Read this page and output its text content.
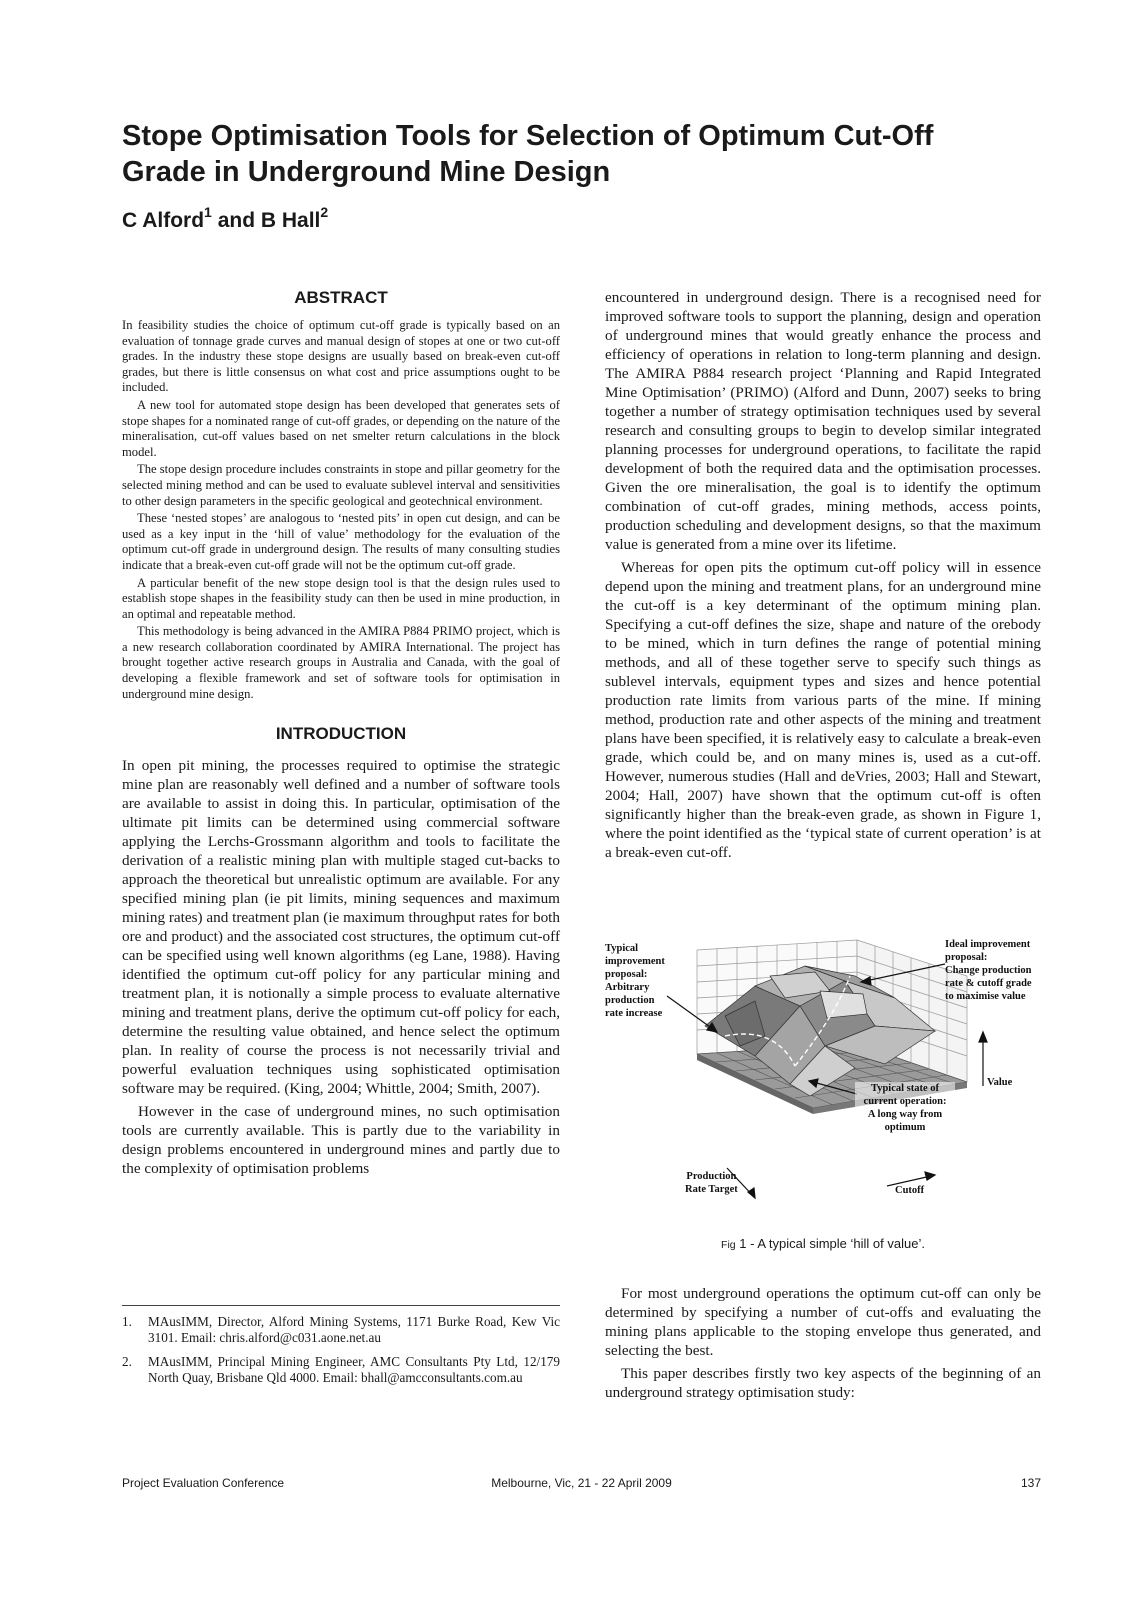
Stope Optimisation Tools for Selection of Optimum Cut-Off Grade in Underground Mine Design
C Alford$^1$ and B Hall$^2$
ABSTRACT

In feasibility studies the choice of optimum cut-off grade is typically based on an evaluation of tonnage grade curves and manual design of stopes at one or two cut-off grades. In the industry these stope designs are usually based on break-even cut-off grades, but there is little consensus on what cost and price assumptions ought to be included.

A new tool for automated stope design has been developed that generates sets of stope shapes for a nominated range of cut-off grades, or depending on the nature of the mineralisation, cut-off values based on net smelter return calculations in the block model.

The stope design procedure includes constraints in stope and pillar geometry for the selected mining method and can be used to evaluate sublevel interval and sensitivities to other design parameters in the specific geological and geotechnical environment.

These ‘nested stopes’ are analogous to ‘nested pits’ in open cut design, and can be used as a key input in the ‘hill of value’ methodology for the evaluation of the optimum cut-off grade in underground design. The results of many consulting studies indicate that a break-even cut-off grade will not be the optimum cut-off grade.

A particular benefit of the new stope design tool is that the design rules used to establish stope shapes in the feasibility study can then be used in mine production, in an optimal and repeatable method.

This methodology is being advanced in the AMIRA P884 PRIMO project, which is a new research collaboration coordinated by AMIRA International. The project has brought together active research groups in Australia and Canada, with the goal of developing a flexible framework and set of software tools for optimisation in underground mine design.

INTRODUCTION

In open pit mining, the processes required to optimise the strategic mine plan are reasonably well defined and a number of software tools are available to assist in doing this. In particular, optimisation of the ultimate pit limits can be determined using commercial software applying the Lerchs-Grossmann algorithm and tools to facilitate the derivation of a realistic mining plan with multiple staged cut-backs to approach the theoretical but unrealistic optimum are available. For any specified mining plan (ie pit limits, mining sequences and maximum mining rates) and treatment plan (ie maximum throughput rates for both ore and product) and the associated cost structures, the optimum cut-off can be specified using well known algorithms (eg Lane, 1988). Having identified the optimum cut-off policy for any particular mining and treatment plan, it is notionally a simple process to evaluate alternative mining and treatment plans, derive the optimum cut-off policy for each, determine the resulting value obtained, and hence select the optimum plan. In reality of course the process is not necessarily trivial and powerful evaluation techniques using sophisticated optimisation software may be required. (King, 2004; Whittle, 2004; Smith, 2007).

However in the case of underground mines, no such optimisation tools are currently available. This is partly due to the variability in design problems encountered in underground mines and partly due to the complexity of optimisation problems

1.	MAusIMM, Director, Alford Mining Systems, 1171 Burke Road, Kew Vic 3101. Email: chris.alford@c031.aone.net.au
2.	MAusIMM, Principal Mining Engineer, AMC Consultants Pty Ltd, 12/179 North Quay, Brisbane Qld 4000. Email: bhall@amcconsultants.com.au

encountered in underground design. There is a recognised need for improved software tools to support the planning, design and operation of underground mines that would greatly enhance the process and efficiency of operations in relation to long-term planning and design. The AMIRA P884 research project ‘Planning and Rapid Integrated Mine Optimisation’ (PRIMO) (Alford and Dunn, 2007) seeks to bring together a number of strategy optimisation techniques used by several research and consulting groups to begin to develop similar integrated planning processes for underground operations, to facilitate the rapid development of both the required data and the optimisation processes. Given the ore mineralisation, the goal is to identify the optimum combination of cut-off grades, mining methods, access points, production scheduling and development designs, so that the maximum value is generated from a mine over its lifetime.

Whereas for open pits the optimum cut-off policy will in essence depend upon the mining and treatment plans, for an underground mine the cut-off is a key determinant of the optimum mining plan. Specifying a cut-off defines the size, shape and nature of the orebody to be mined, which in turn defines the range of potential mining methods, and all of these together serve to specify such things as sublevel intervals, equipment types and sizes and hence potential production rate limits from various parts of the mine. If mining method, production rate and other aspects of the mining and treatment plans have been specified, it is relatively easy to calculate a break-even grade, which could be, and on many mines is, used as a cut-off. However, numerous studies (Hall and deVries, 2003; Hall and Stewart, 2004; Hall, 2007) have shown that the optimum cut-off is often significantly higher than the break-even grade, as shown in Figure 1, where the point identified as the ‘typical state of current operation’ is at a break-even cut-off.

Typical
improvement
proposal:
Arbitrary
production
rate increase
Ideal improvement
proposal:
Change production
rate & cutoff grade
to maximise value
Value
Typical state of
current operation:
A long way from
optimum
Production
Rate Target	Cutoff
Fig 1 - A typical simple ‘hill of value’.

For most underground operations the optimum cut-off can only be determined by specifying a number of cut-offs and evaluating the mining plans applicable to the stoping envelope thus generated, and selecting the best.

This paper describes firstly two key aspects of the beginning of an underground strategy optimisation study:

Project Evaluation Conference	Melbourne, Vic, 21 - 22 April 2009	137
